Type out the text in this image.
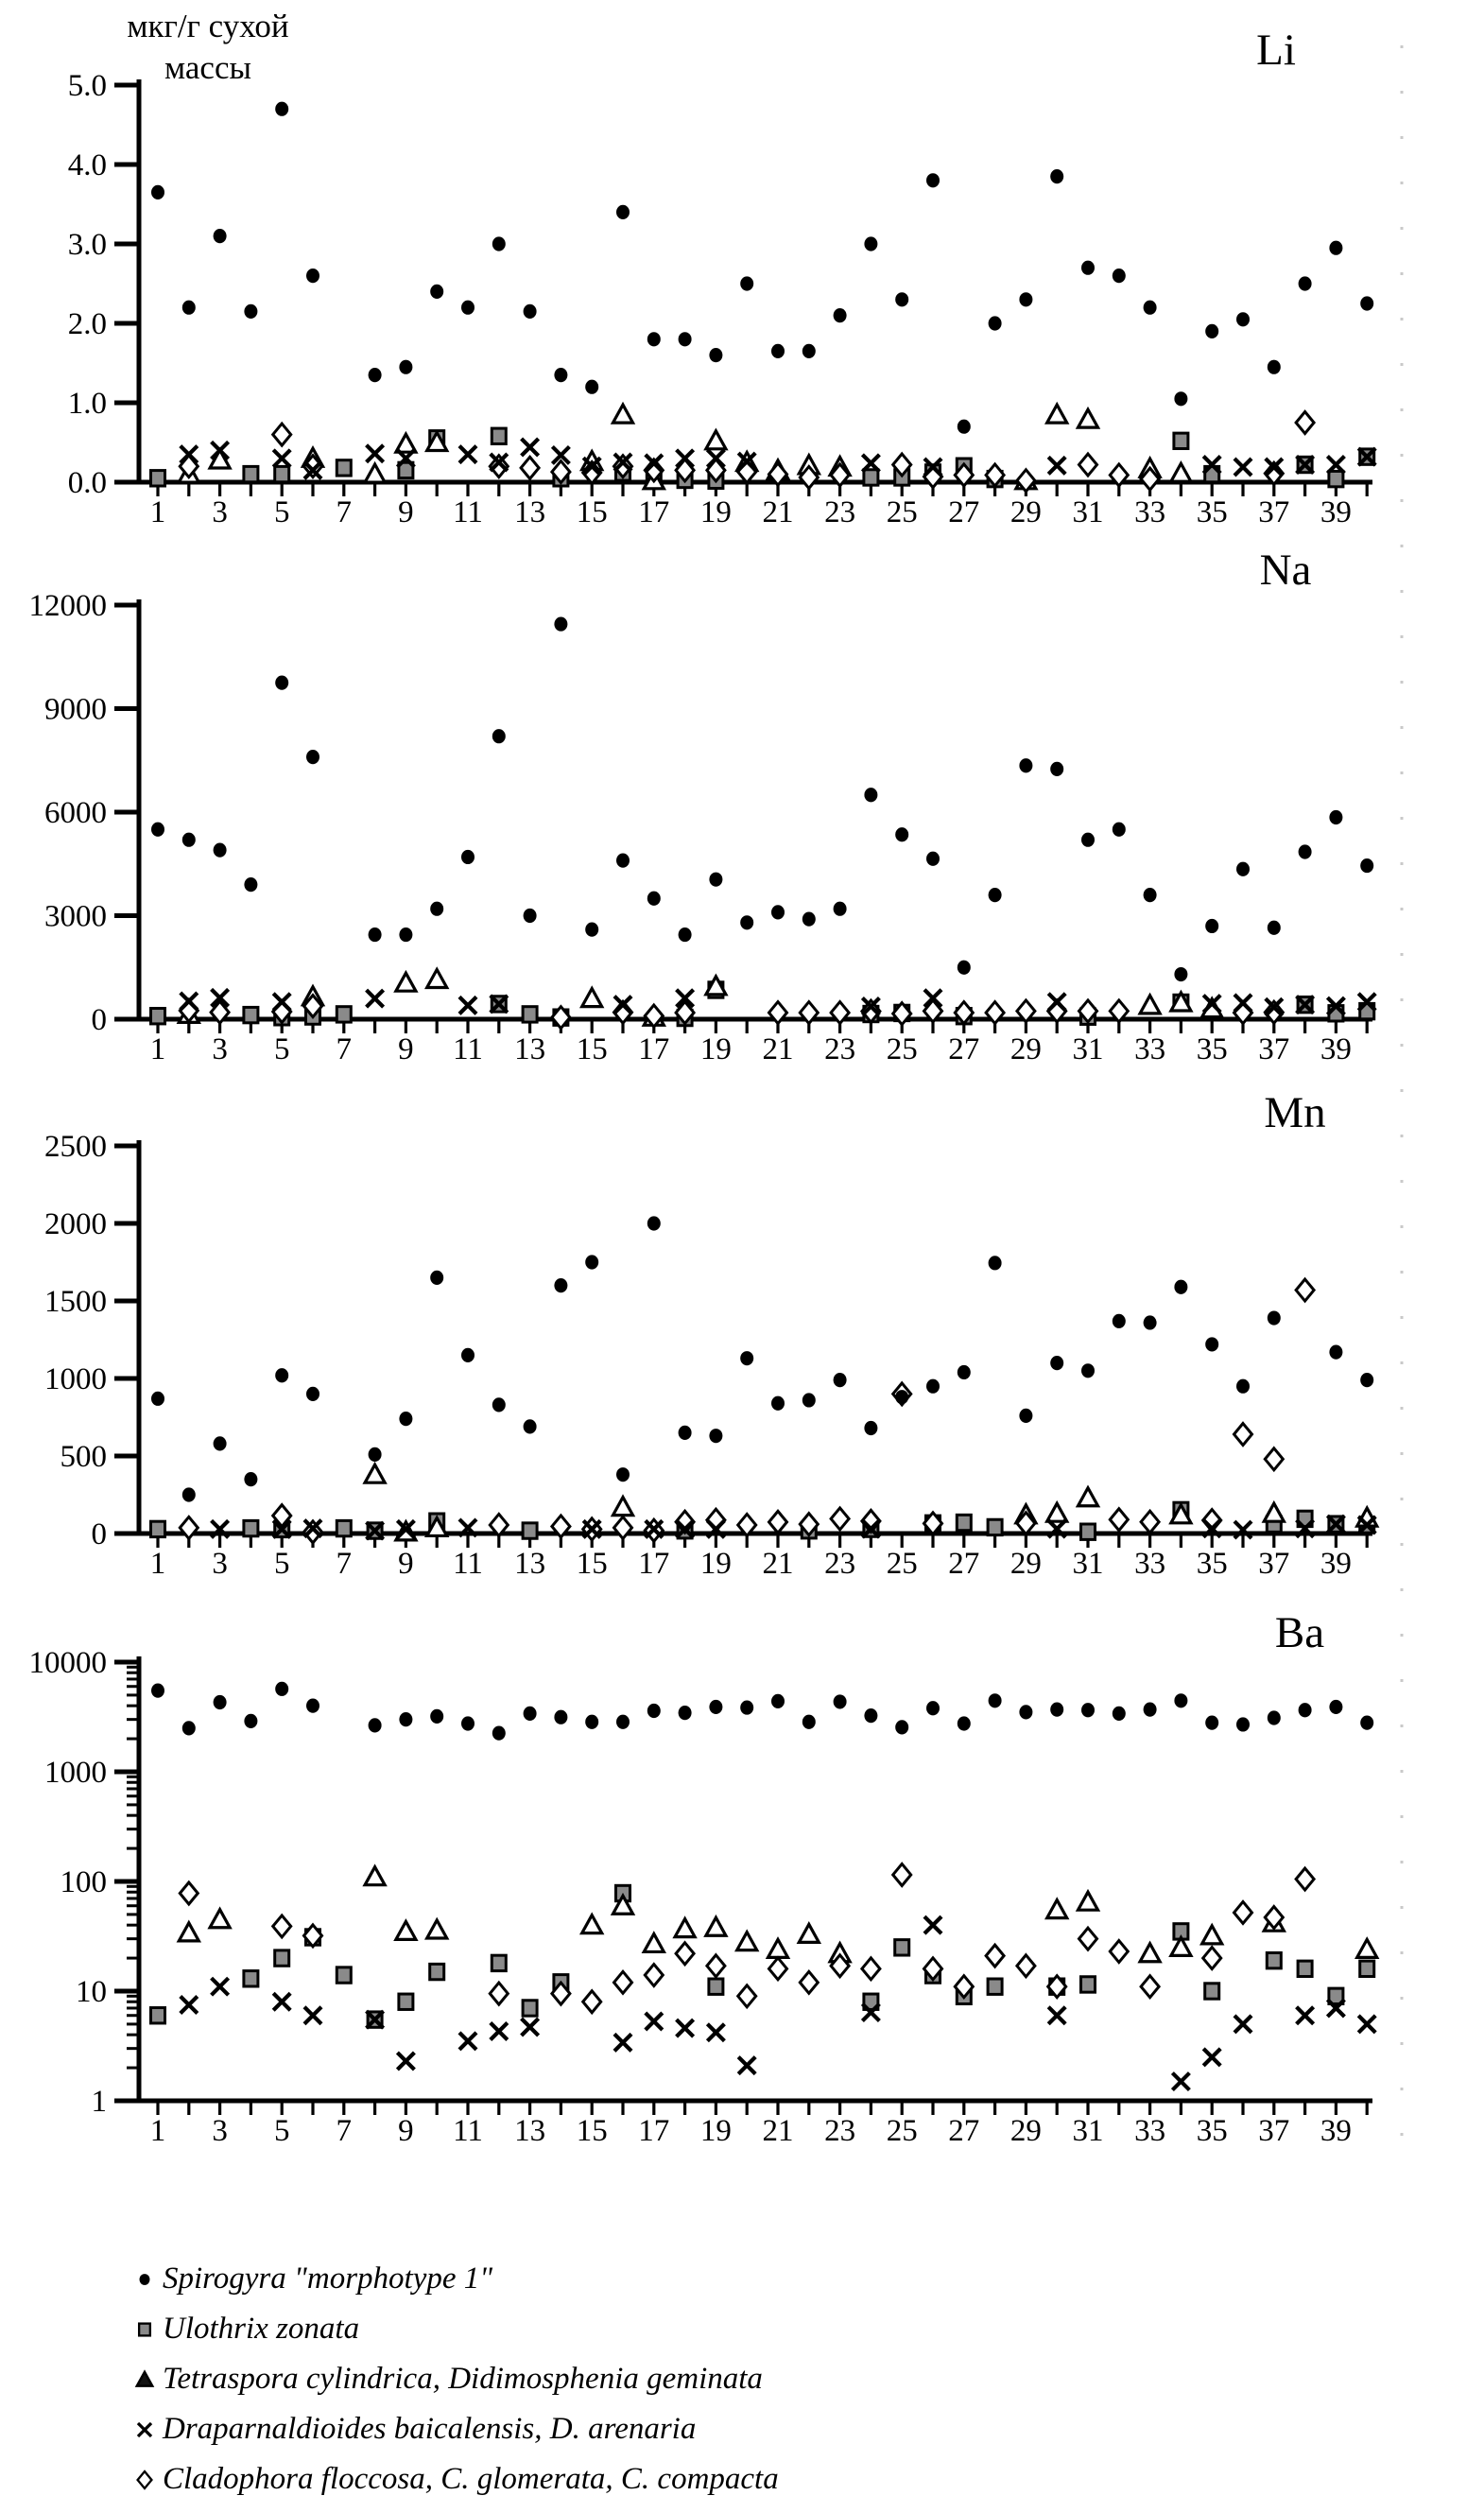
мкг/г сухой
массы	Li
Na
Mn
Ba
0.0
1.0
2.0
3.0
4.0
5.0
1 3 5 7 9 11 13 15 17 19 21 23 25 27 29 31 33 35 37 39
0
3000
6000
9000
12000
1 3 5 7 9 11 13 15 17 19 21 23 25 27 29 31 33 35 37 39
0
500
1000
1500
2000
2500
1 3 5 7 9 11 13 15 17 19 21 23 25 27 29 31 33 35 37 39
1
10
100
1000
10000
1 3 5 7 9 11 13 15 17 19 21 23 25 27 29 31 33 35 37 39
Spirogyra "morphotype 1"
Ulothrix zonata
Tetraspora cylindrica, Didimosphenia geminata
Draparnaldioides baicalensis, D. arenaria
Cladophora floccosa, C. glomerata, C. compacta
